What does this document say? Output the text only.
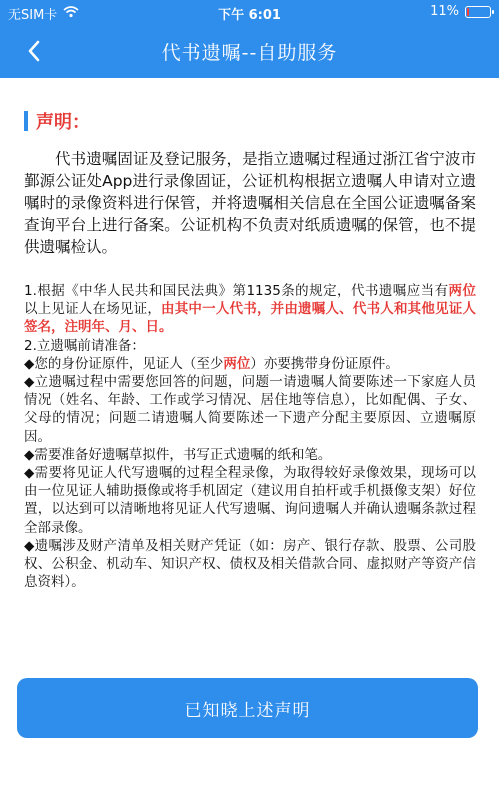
无SIM卡	下午 6:01	11%
代书遗嘱--自助服务
声明：

代书遗嘱固证及登记服务，是指立遗嘱过程通过浙江省宁波市鄞源公证处App进行录像固证，公证机构根据立遗嘱人申请对立遗嘱时的录像资料进行保管，并将遗嘱相关信息在全国公证遗嘱备案查询平台上进行备案。公证机构不负责对纸质遗嘱的保管，也不提供遗嘱检认。

1.根据《中华人民共和国民法典》第1135条的规定，代书遗嘱应当有两位以上见证人在场见证，由其中一人代书，并由遗嘱人、代书人和其他见证人签名，注明年、月、日。

2.立遗嘱前请准备：

◆您的身份证原件，见证人（至少两位）亦要携带身份证原件。

◆立遗嘱过程中需要您回答的问题，问题一请遗嘱人简要陈述一下家庭人员情况（姓名、年龄、工作或学习情况、居住地等信息），比如配偶、子女、父母的情况；问题二请遗嘱人简要陈述一下遗产分配主要原因、立遗嘱原因。

◆需要准备好遗嘱草拟件，书写正式遗嘱的纸和笔。

◆需要将见证人代写遗嘱的过程全程录像，为取得较好录像效果，现场可以由一位见证人辅助摄像或将手机固定（建议用自拍杆或手机摄像支架）好位置，以达到可以清晰地将见证人代写遗嘱、询问遗嘱人并确认遗嘱条款过程全部录像。

◆遗嘱涉及财产清单及相关财产凭证（如：房产、银行存款、股票、公司股权、公积金、机动车、知识产权、债权及相关借款合同、虚拟财产等资产信息资料）。

已知晓上述声明
